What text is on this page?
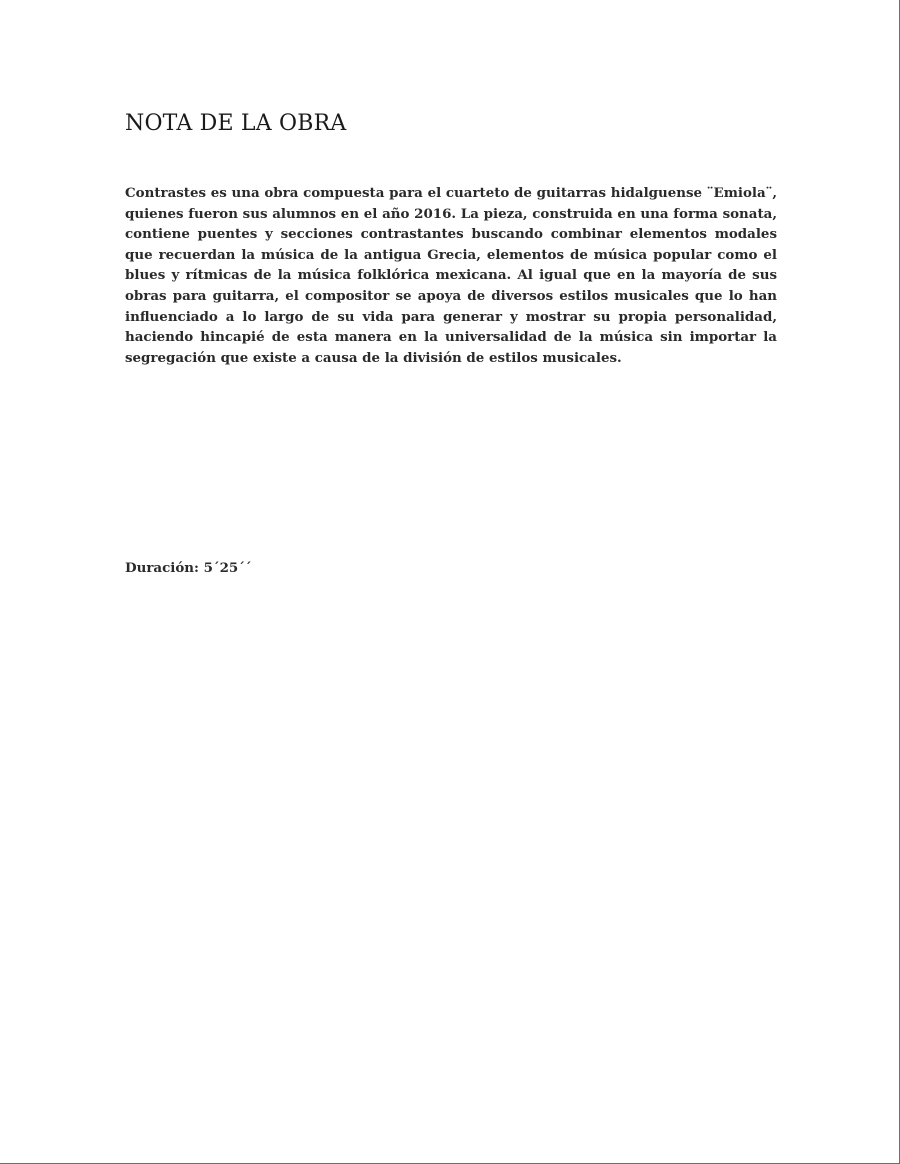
NOTA DE LA OBRA

Contrastes es una obra compuesta para el cuarteto de guitarras hidalguense ¨Emiola¨, quienes fueron sus alumnos en el año 2016. La pieza, construida en una forma sonata, contiene puentes y secciones contrastantes buscando combinar elementos modales que recuerdan la música de la antigua Grecia, elementos de música popular como el blues y rítmicas de la música folklórica mexicana. Al igual que en la mayoría de sus obras para guitarra, el compositor se apoya de diversos estilos musicales que lo han influenciado a lo largo de su vida para generar y mostrar su propia personalidad, haciendo hincapié de esta manera en la universalidad de la música sin importar la segregación que existe a causa de la división de estilos musicales.

Duración: 5´25´´
